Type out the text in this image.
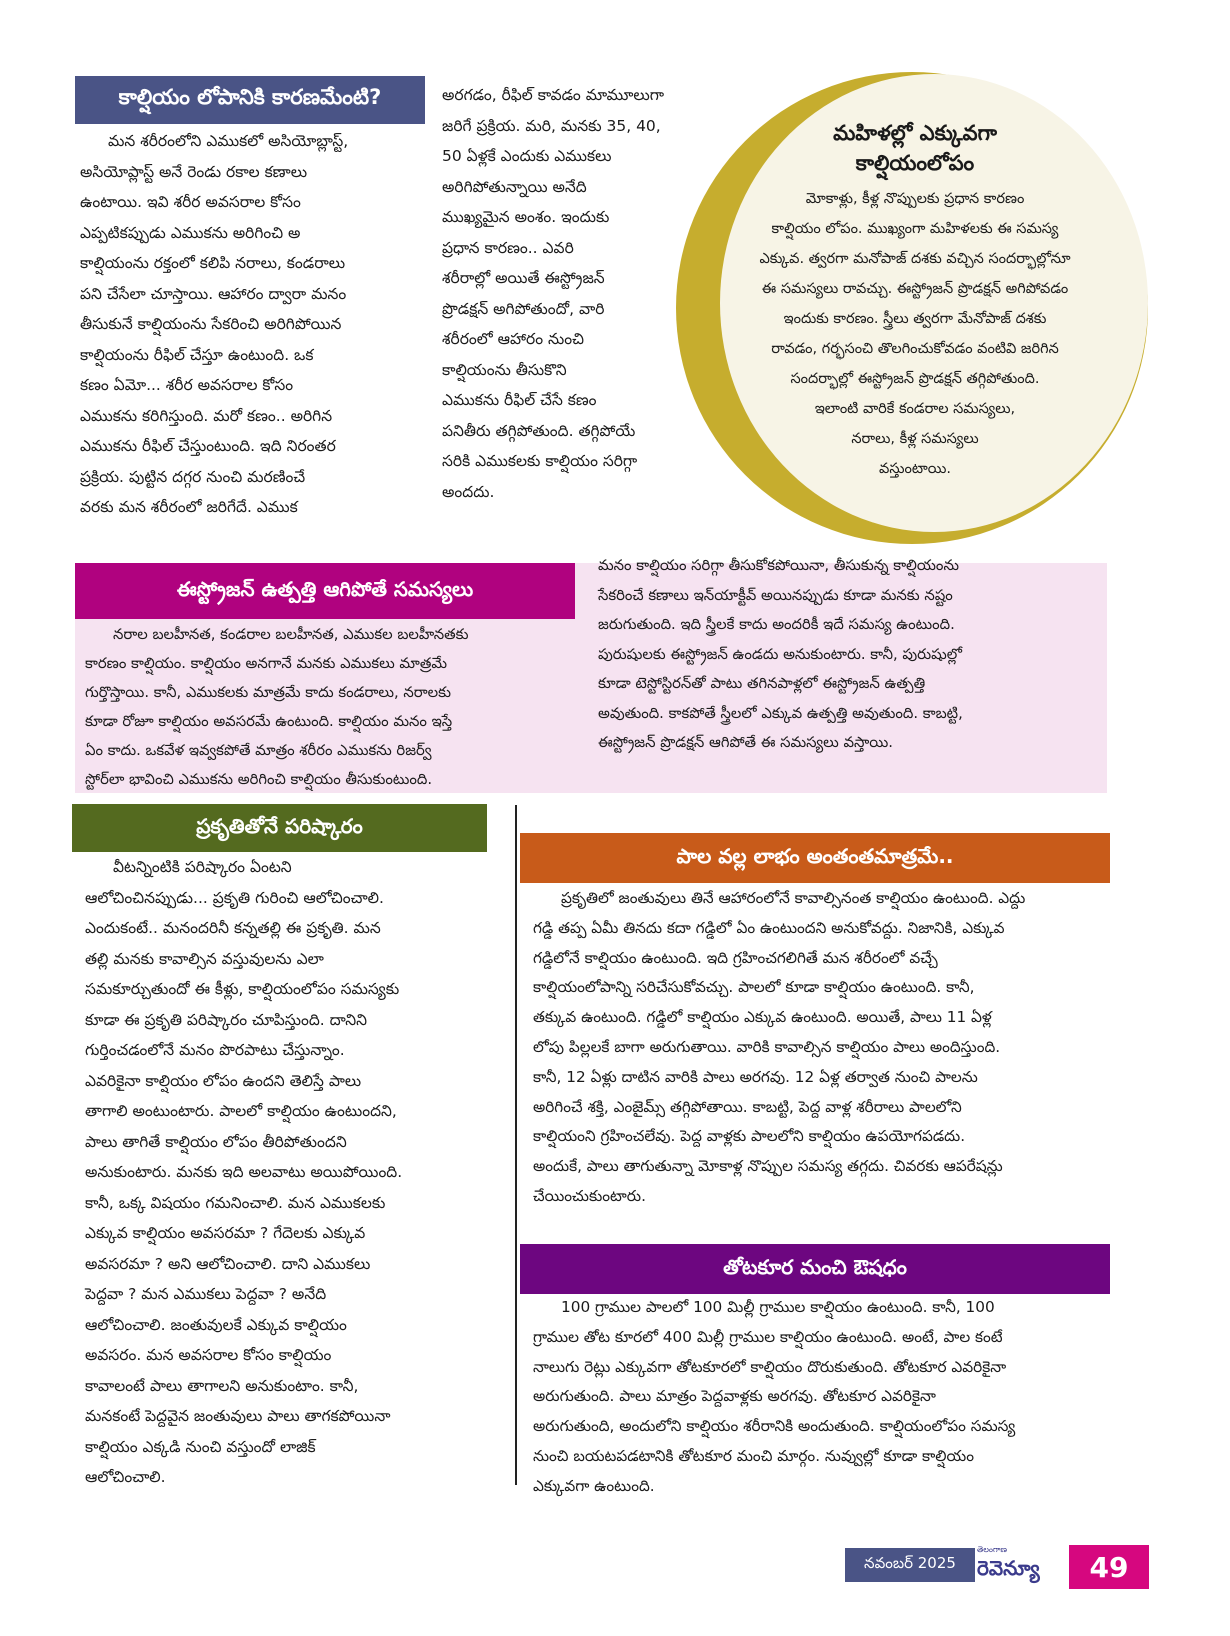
కాల్షియం లోపానికి కారణమేంటి?
మన శరీరంలోని ఎముకలో అసియోబ్లాస్ట్,
అసియోప్లాస్ట్ అనే రెండు రకాల కణాలు
ఉంటాయి. ఇవి శరీర అవసరాల కోసం
ఎప్పటికప్పుడు ఎముకను అరిగించి అ
కాల్షియంను రక్తంలో కలిపి నరాలు, కండరాలు
పని చేసేలా చూస్తాయి. ఆహారం ద్వారా మనం
తీసుకునే కాల్షియంను సేకరించి అరిగిపోయిన
కాల్షియంను రీఫిల్ చేస్తూ ఉంటుంది. ఒక
కణం ఏమో... శరీర అవసరాల కోసం
ఎముకను కరిగిస్తుంది. మరో కణం.. అరిగిన
ఎముకను రీఫిల్ చేస్తుంటుంది. ఇది నిరంతర
ప్రక్రియ. పుట్టిన దగ్గర నుంచి మరణించే
వరకు మన శరీరంలో జరిగేదే. ఎముక
అరగడం, రీఫిల్ కావడం మామూలుగా
జరిగే ప్రక్రియ. మరి, మనకు 35, 40,
50 ఏళ్లకే ఎందుకు ఎముకలు
అరిగిపోతున్నాయి అనేది
ముఖ్యమైన అంశం. ఇందుకు
ప్రధాన కారణం.. ఎవరి
శరీరాల్లో అయితే ఈస్ట్రోజన్
ప్రొడక్షన్ అగిపోతుందో, వారి
శరీరంలో ఆహారం నుంచి
కాల్షియంను తీసుకొని
ఎముకను రీఫిల్ చేసే కణం
పనితీరు తగ్గిపోతుంది. తగ్గిపోయే
సరికి ఎముకలకు కాల్షియం సరిగ్గా
అందదు.
మహిళల్లో ఎక్కువగా
కాల్షియంలోపం
మోకాళ్లు, కీళ్ల నొప్పులకు ప్రధాన కారణం
కాల్షియం లోపం. ముఖ్యంగా మహిళలకు ఈ సమస్య
ఎక్కువ. త్వరగా మనోపాజ్ దశకు వచ్చిన సందర్భాల్లోనూ
ఈ సమస్యలు రావచ్చు. ఈస్ట్రోజన్ ప్రొడక్షన్ అగిపోవడం
ఇందుకు కారణం. స్త్రీలు త్వరగా మేనోపాజ్ దశకు
రావడం, గర్భసంచి తొలగించుకోవడం వంటివి జరిగిన
సందర్భాల్లో ఈస్ట్రోజన్ ప్రొడక్షన్ తగ్గిపోతుంది.
ఇలాంటి వారికే కండరాల సమస్యలు,
నరాలు, కీళ్ల సమస్యలు
వస్తుంటాయి.
ఈస్ట్రోజన్ ఉత్పత్తి ఆగిపోతే సమస్యలు
నరాల బలహీనత, కండరాల బలహీనత, ఎముకల బలహీనతకు
కారణం కాల్షియం. కాల్షియం అనగానే మనకు ఎముకలు మాత్రమే
గుర్తొస్తాయి. కానీ, ఎముకలకు మాత్రమే కాదు కండరాలు, నరాలకు
కూడా రోజూ కాల్షియం అవసరమే ఉంటుంది. కాల్షియం మనం ఇస్తే
ఏం కాదు. ఒకవేళ ఇవ్వకపోతే మాత్రం శరీరం ఎముకను రిజర్వ్
స్టోర్‌లా భావించి ఎముకను అరిగించి కాల్షియం తీసుకుంటుంది.
మనం కాల్షియం సరిగ్గా తీసుకోకపోయినా, తీసుకున్న కాల్షియంను
సేకరించే కణాలు ఇన్‌యాక్టీవ్ అయినప్పుడు కూడా మనకు నష్టం
జరుగుతుంది. ఇది స్త్రీలకే కాదు అందరికీ ఇదే సమస్య ఉంటుంది.
పురుషులకు ఈస్ట్రోజన్ ఉండదు అనుకుంటారు. కానీ, పురుషుల్లో
కూడా టెస్టోస్టిరన్‌తో పాటు తగినపాళ్లలో ఈస్ట్రోజన్ ఉత్పత్తి
అవుతుంది. కాకపోతే స్త్రీలలో ఎక్కువ ఉత్పత్తి అవుతుంది. కాబట్టి,
ఈస్ట్రోజన్ ప్రొడక్షన్ ఆగిపోతే ఈ సమస్యలు వస్తాయి.
ప్రకృతితోనే పరిష్కారం
వీటన్నింటికి పరిష్కారం ఏంటని
ఆలోచించినప్పుడు... ప్రకృతి గురించి ఆలోచించాలి.
ఎందుకంటే.. మనందరినీ కన్నతల్లి ఈ ప్రకృతి. మన
తల్లి మనకు కావాల్సిన వస్తువులను ఎలా
సమకూర్చుతుందో ఈ కీళ్లు, కాల్షియంలోపం సమస్యకు
కూడా ఈ ప్రకృతి పరిష్కారం చూపిస్తుంది. దానిని
గుర్తించడంలోనే మనం పొరపాటు చేస్తున్నాం.
ఎవరికైనా కాల్షియం లోపం ఉందని తెలిస్తే పాలు
తాగాలి అంటుంటారు. పాలలో కాల్షియం ఉంటుందని,
పాలు తాగితే కాల్షియం లోపం తీరిపోతుందని
అనుకుంటారు. మనకు ఇది అలవాటు అయిపోయింది.
కానీ, ఒక్క విషయం గమనించాలి. మన ఎముకలకు
ఎక్కువ కాల్షియం అవసరమా ? గేదెలకు ఎక్కువ
అవసరమా ? అని ఆలోచించాలి. దాని ఎముకలు
పెద్దవా ? మన ఎముకలు పెద్దవా ? అనేది
ఆలోచించాలి. జంతువులకే ఎక్కువ కాల్షియం
అవసరం. మన అవసరాల కోసం కాల్షియం
కావాలంటే పాలు తాగాలని అనుకుంటాం. కానీ,
మనకంటే పెద్దవైన జంతువులు పాలు తాగకపోయినా
కాల్షియం ఎక్కడి నుంచి వస్తుందో లాజిక్
ఆలోచించాలి.
పాల వల్ల లాభం అంతంతమాత్రమే..
ప్రకృతిలో జంతువులు తినే ఆహారంలోనే కావాల్సినంత కాల్షియం ఉంటుంది. ఎద్దు
గడ్డి తప్ప ఏమీ తినదు కదా గడ్డిలో ఏం ఉంటుందని అనుకోవద్దు. నిజానికి, ఎక్కువ
గడ్డిలోనే కాల్షియం ఉంటుంది. ఇది గ్రహించగలిగితే మన శరీరంలో వచ్చే
కాల్షియంలోపాన్ని సరిచేసుకోవచ్చు. పాలలో కూడా కాల్షియం ఉంటుంది. కానీ,
తక్కువ ఉంటుంది. గడ్డిలో కాల్షియం ఎక్కువ ఉంటుంది. అయితే, పాలు 11 ఏళ్ల
లోపు పిల్లలకే బాగా అరుగుతాయి. వారికి కావాల్సిన కాల్షియం పాలు అందిస్తుంది.
కానీ, 12 ఏళ్లు దాటిన వారికి పాలు అరగవు. 12 ఏళ్ల తర్వాత నుంచి పాలను
అరిగించే శక్తి, ఎంజైమ్స్ తగ్గిపోతాయి. కాబట్టి, పెద్ద వాళ్ల శరీరాలు పాలలోని
కాల్షియంని గ్రహించలేవు. పెద్ద వాళ్లకు పాలలోని కాల్షియం ఉపయోగపడదు.
అందుకే, పాలు తాగుతున్నా మోకాళ్ల నొప్పుల సమస్య తగ్గదు. చివరకు ఆపరేషన్లు
చేయించుకుంటారు.
తోటకూర మంచి ఔషధం
100 గ్రాముల పాలలో 100 మిల్లీ గ్రాముల కాల్షియం ఉంటుంది. కానీ, 100
గ్రాముల తోట కూరలో 400 మిల్లీ గ్రాముల కాల్షియం ఉంటుంది. అంటే, పాల కంటే
నాలుగు రెట్లు ఎక్కువగా తోటకూరలో కాల్షియం దొరుకుతుంది. తోటకూర ఎవరికైనా
అరుగుతుంది. పాలు మాత్రం పెద్దవాళ్లకు అరగవు. తోటకూర ఎవరికైనా
అరుగుతుంది, అందులోని కాల్షియం శరీరానికి అందుతుంది. కాల్షియంలోపం సమస్య
నుంచి బయటపడటానికి తోటకూర మంచి మార్గం. నువ్వుల్లో కూడా కాల్షియం
ఎక్కువగా ఉంటుంది.
నవంబర్ 2025
తెలంగాణ
రెవెన్యూ	49
